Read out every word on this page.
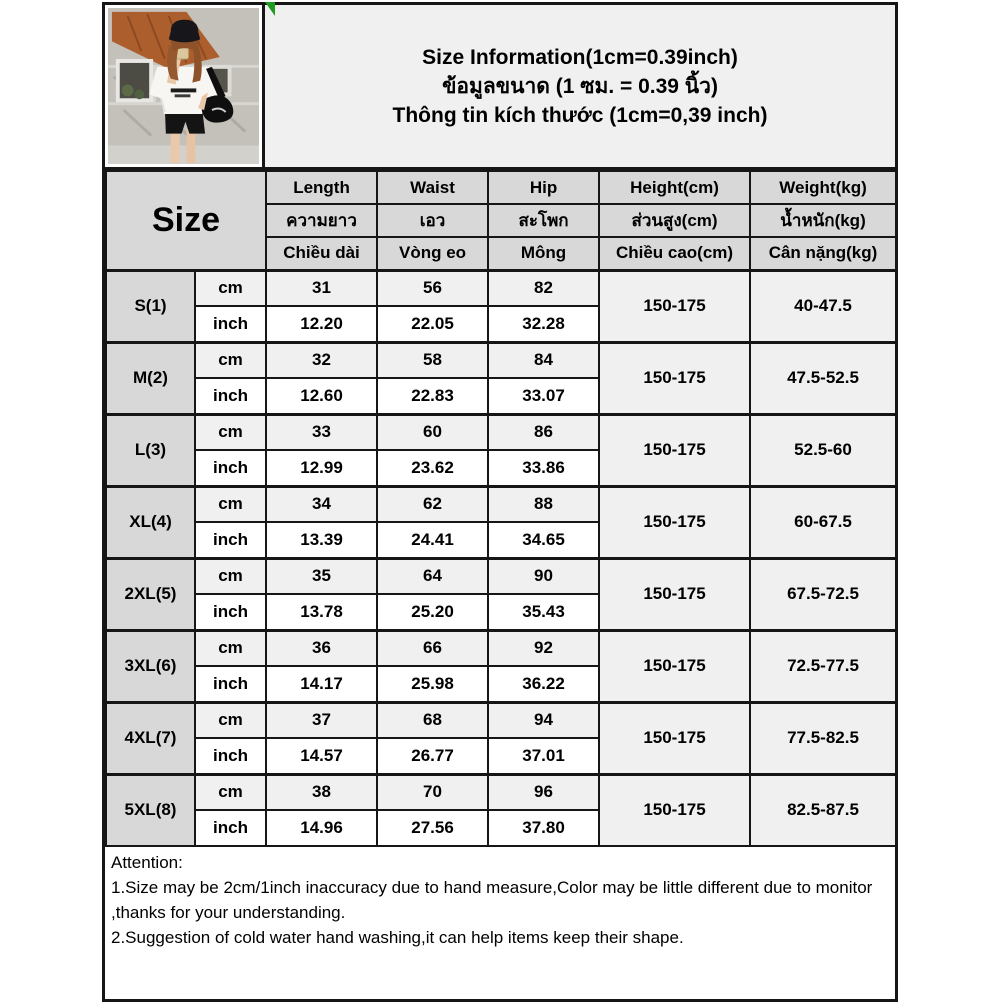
Size Information(1cm=0.39inch)
ข้อมูลขนาด (1 ซม. = 0.39 นิ้ว)
Thông tin kích thước (1cm=0,39 inch)
Size		Length	Waist	Hip	Height(cm)	Weight(kg)
		ความยาว	เอว	สะโพก	ส่วนสูง(cm)	น้ำหนัก(kg)
		Chiều dài	Vòng eo	Mông	Chiều cao(cm)	Cân nặng(kg)
S(1)	cm	31	56	82	150-175	40-47.5
	inch	12.20	22.05	32.28		
M(2)	cm	32	58	84	150-175	47.5-52.5
	inch	12.60	22.83	33.07		
L(3)	cm	33	60	86	150-175	52.5-60
	inch	12.99	23.62	33.86		
XL(4)	cm	34	62	88	150-175	60-67.5
	inch	13.39	24.41	34.65		
2XL(5)	cm	35	64	90	150-175	67.5-72.5
	inch	13.78	25.20	35.43		
3XL(6)	cm	36	66	92	150-175	72.5-77.5
	inch	14.17	25.98	36.22		
4XL(7)	cm	37	68	94	150-175	77.5-82.5
	inch	14.57	26.77	37.01		
5XL(8)	cm	38	70	96	150-175	82.5-87.5
	inch	14.96	27.56	37.80		

Attention:

1.Size may be 2cm/1inch inaccuracy due to hand measure,Color may be little different due to monitor ,thanks for your understanding.

2.Suggestion of cold water hand washing,it can help items keep their shape.
